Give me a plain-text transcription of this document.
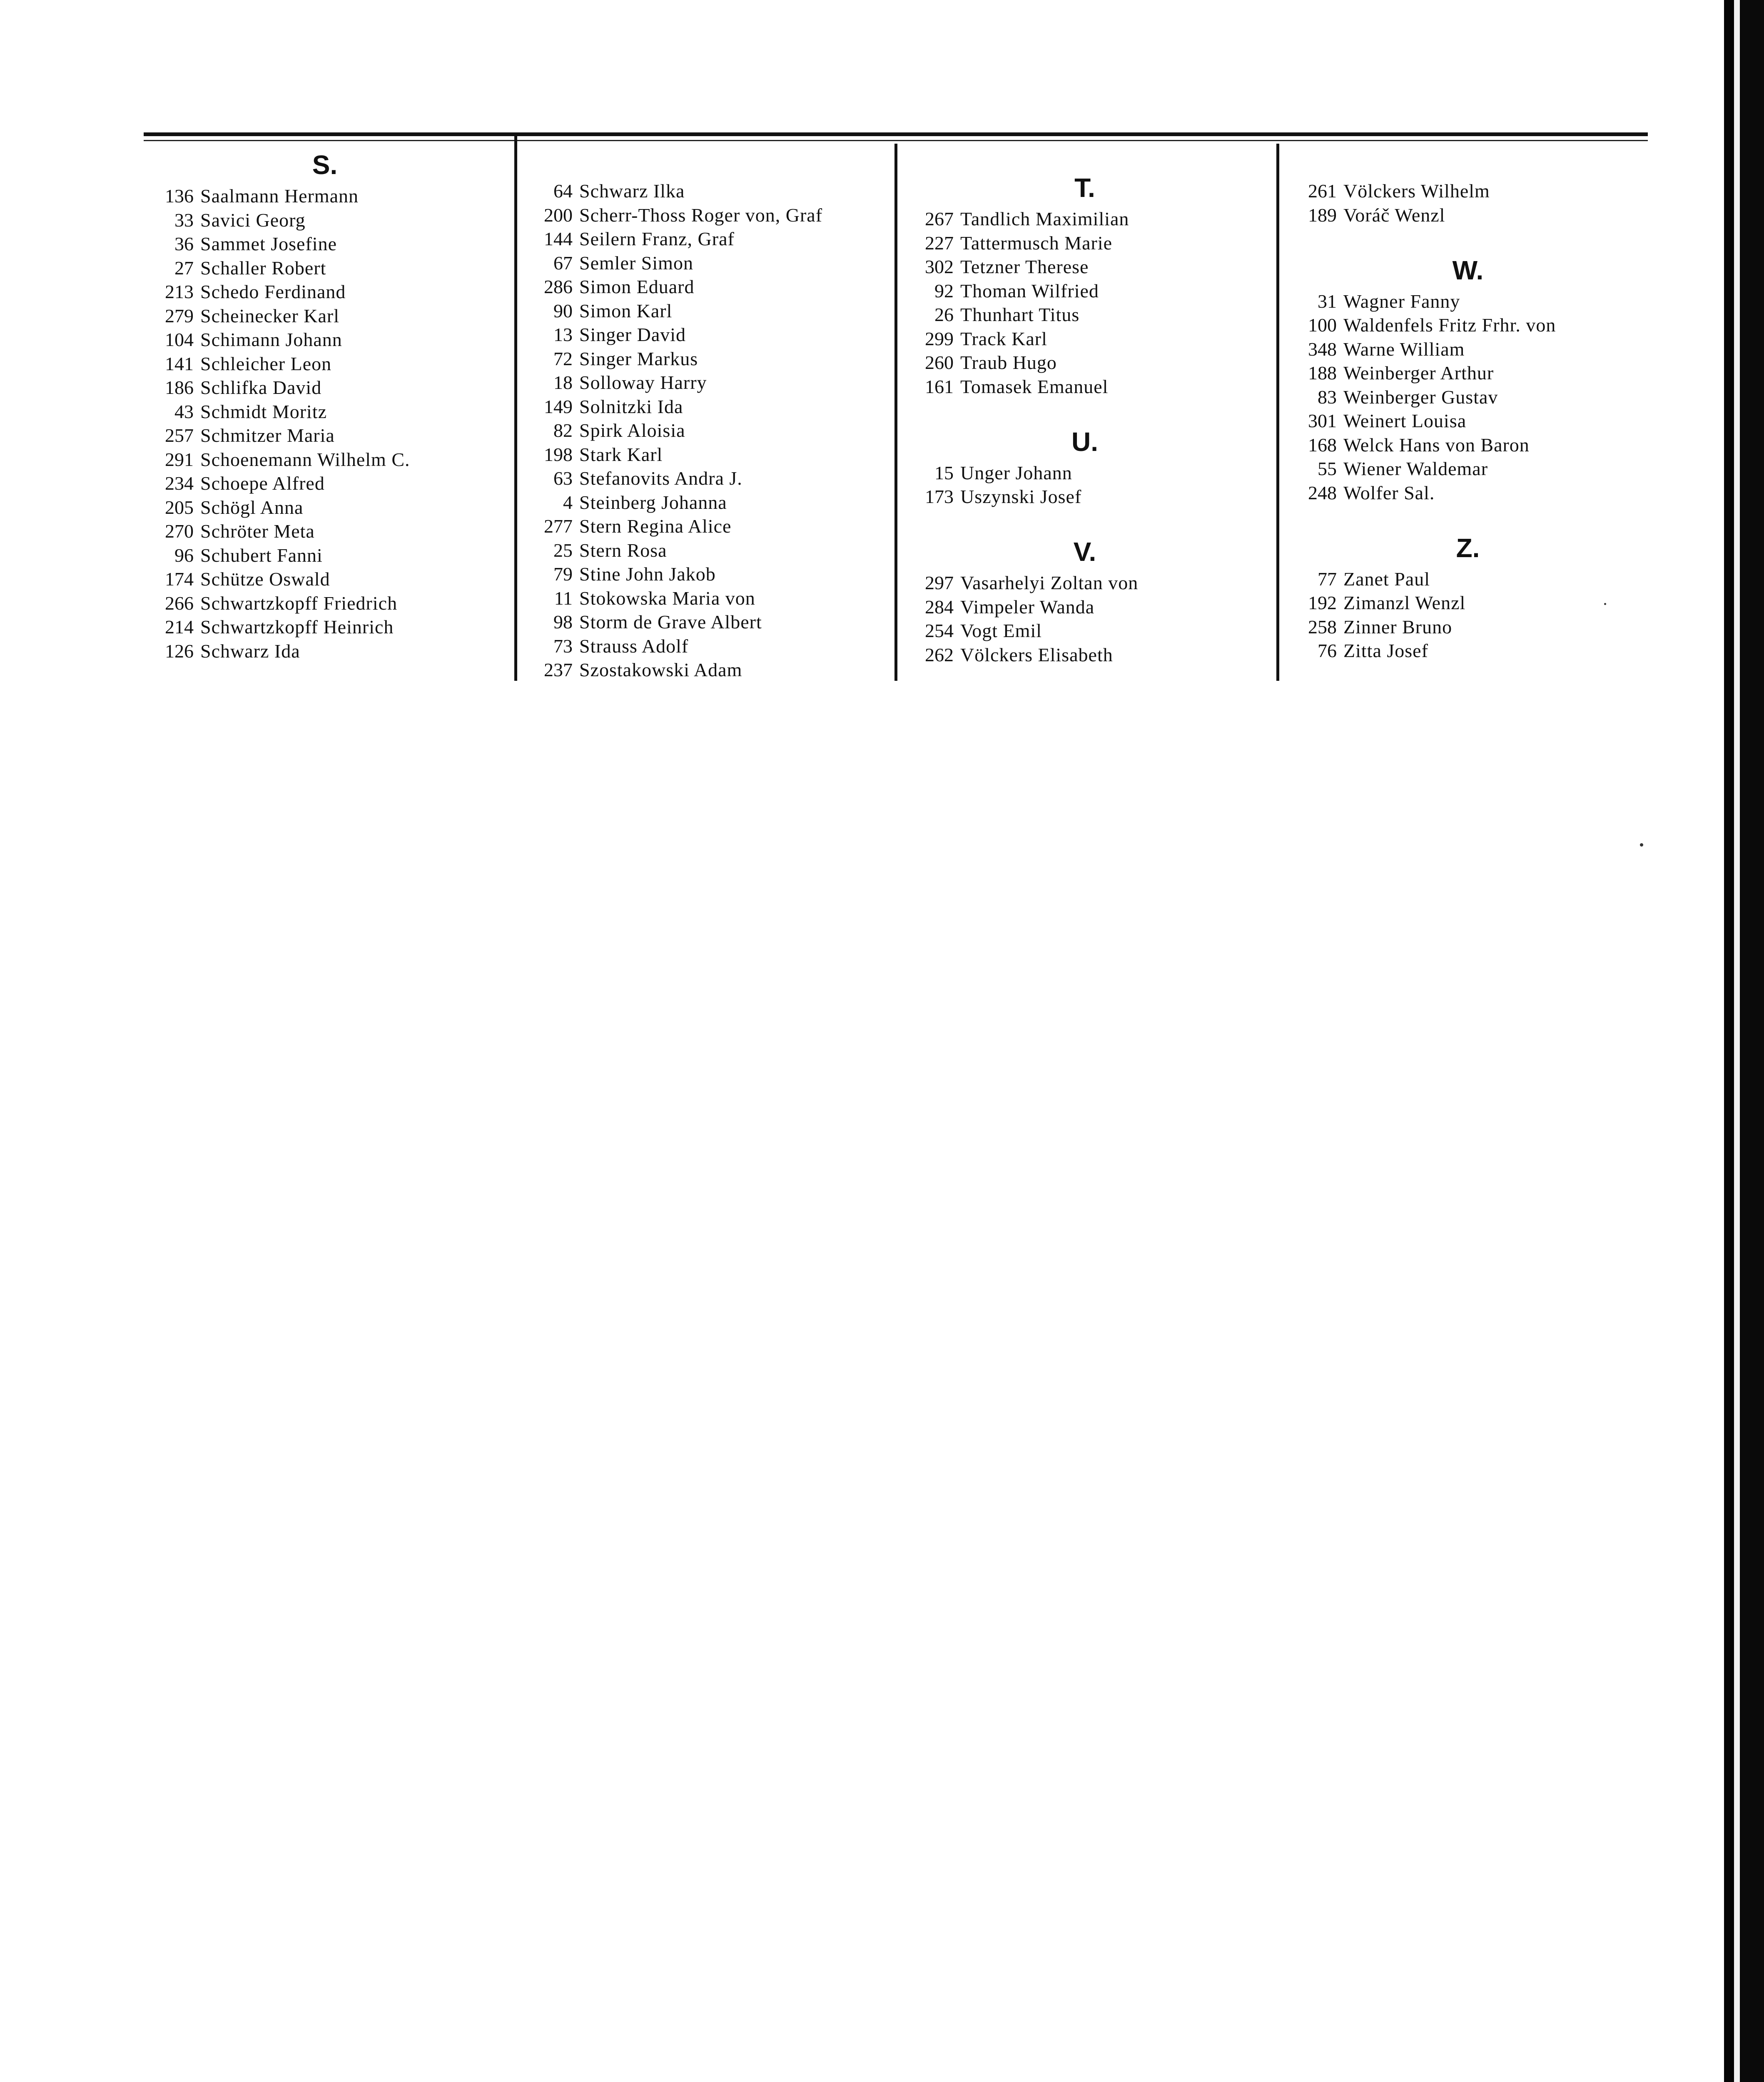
S.
136 Saalmann Hermann
33 Savici Georg
36 Sammet Josefine
27 Schaller Robert
213 Schedo Ferdinand
279 Scheinecker Karl
104 Schimann Johann
141 Schleicher Leon
186 Schlifka David
43 Schmidt Moritz
257 Schmitzer Maria
291 Schoenemann Wilhelm C.
234 Schoepe Alfred
205 Schögl Anna
270 Schröter Meta
96 Schubert Fanni
174 Schütze Oswald
266 Schwartzkopff Friedrich
214 Schwartzkopff Heinrich
126 Schwarz Ida
64 Schwarz Ilka
200 Scherr-Thoss Roger von, Graf
144 Seilern Franz, Graf
67 Semler Simon
286 Simon Eduard
90 Simon Karl
13 Singer David
72 Singer Markus
18 Solloway Harry
149 Solnitzki Ida
82 Spirk Aloisia
198 Stark Karl
63 Stefanovits Andra J.
4 Steinberg Johanna
277 Stern Regina Alice
25 Stern Rosa
79 Stine John Jakob
11 Stokowska Maria von
98 Storm de Grave Albert
73 Strauss Adolf
237 Szostakowski Adam
T.
267 Tandlich Maximilian
227 Tattermusch Marie
302 Tetzner Therese
92 Thoman Wilfried
26 Thunhart Titus
299 Track Karl
260 Traub Hugo
161 Tomasek Emanuel
U.
15 Unger Johann
173 Uszynski Josef
V.
297 Vasarhelyi Zoltan von
284 Vimpeler Wanda
254 Vogt Emil
262 Völckers Elisabeth
261 Völckers Wilhelm
189 Voráč Wenzl
W.
31 Wagner Fanny
100 Waldenfels Fritz Frhr. von
348 Warne William
188 Weinberger Arthur
83 Weinberger Gustav
301 Weinert Louisa
168 Welck Hans von Baron
55 Wiener Waldemar
248 Wolfer Sal.
Z.
77 Zanet Paul
192 Zimanzl Wenzl
258 Zinner Bruno
76 Zitta Josef
